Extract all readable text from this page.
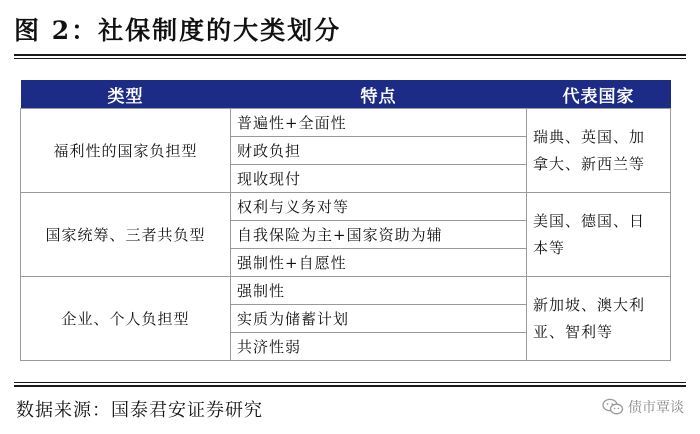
图 2：社保制度的大类划分
类型	特点	代表国家
福利性的国家负担型	普遍性+全面性	瑞典、英国、加
拿大、新西兰等

	财政负担	
	现收现付	
国家统筹、三者共负型	权利与义务对等	美国、德国、日
本等

	自我保险为主+国家资助为辅	
	强制性+自愿性	
企业、个人负担型	强制性	新加坡、澳大利
亚、智利等

	实质为储蓄计划	
	共济性弱	
数据来源：国泰君安证券研究	债市覃谈
